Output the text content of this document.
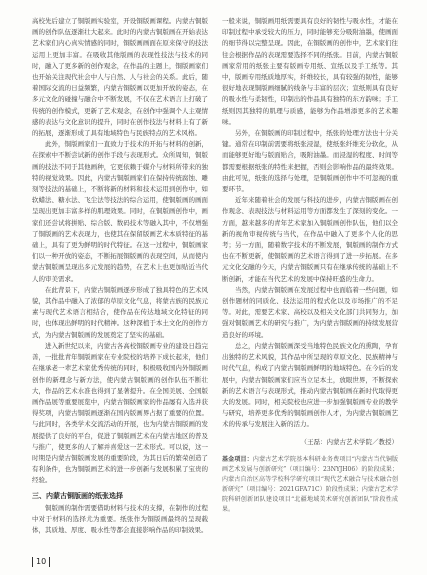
高校先后建立了铜版画实验室，开设铜版画课程。内蒙古铜版画的创作队伍逐渐壮大起来。此时的内蒙古铜版画在开始表达艺术家们内心真实情感的同时，铜版画画面在原来保守的技法运用上更加丰富。在吸收其他版画的表现性技法与技术的同时，融入了更多新的创作观念，在作品的主题上，铜版画家们也开始关注现代社会中人与自然、人与社会的关系。此后，随着国际交流的日益频繁，内蒙古铜版画以更加开放的姿态，在多元文化的碰撞与融合中不断发展，不仅在艺术语言上打破了传统的创作模式，更新了艺术观念，在创作中强调个人主观情感的表达与文化意识的提升，同时在创作技法与材料上有了新的拓展，逐渐形成了具有地域特色与民族特点的艺术风格。

此外，铜版画家们一直致力于技术的开拓与材料的创新，在探索中不断尝试新的创作手段与表现形式。众所周知，铜版画的技法不同于其他画种，它更依赖于媒介与材料所带来的独特的视觉效果。因此，内蒙古铜版画家们在保持传统腐蚀、雕刻等技法的基础上，不断将新的材料和技术运用到创作中，如软蜡法、糖水法、飞尘法等技法的综合运用，使铜版画的画面呈现出更加丰富多样的肌理效果。同时，在铜版画创作中，画家们还尝试将拼贴、综合版、数码技术等融入其中，不仅增强了铜版画的艺术表现力，也使其在保留版画艺术本质特征的基础上，具有了更为鲜明的时代特征。在这一过程中，铜版画家们以一种开放的姿态，不断拓展铜版画的表现空间，从而使内蒙古铜版画呈现出多元发展的趋势，在艺术上也更加贴近当代人的审美需求。

在此背景下，内蒙古铜版画逐步形成了独具特色的艺术风貌，其作品中融入了浓郁的草原文化气息，将蒙古族的民族元素与现代艺术语言相结合，使作品在传达地域文化特征的同时，也体现出鲜明的时代精神。这种深植于本土文化的创作方式，为内蒙古铜版画的发展奠定了坚实的基础。

进入新世纪以来，内蒙古各高校铜版画专业的建设日趋完善，一批批青年铜版画家在专业院校的培养下成长起来，他们在继承老一辈艺术家优秀传统的同时，积极吸收国内外铜版画创作的新理念与新方法，使内蒙古铜版画的创作队伍不断壮大，作品的艺术水准也得到了显著提升。在全国美展、全国版画作品展等重要展览中，内蒙古铜版画家的作品屡有入选并获得奖项，内蒙古铜版画逐渐在国内版画界占据了重要的位置。与此同时，各类学术交流活动的开展，也为内蒙古铜版画的发展提供了良好的平台，促进了铜版画艺术在内蒙古地区的普及与推广，使更多的人了解并喜爱这一艺术形式。可以说，这一时期是内蒙古铜版画发展的重要阶段，为其日后的繁荣创造了有利条件，也为铜版画艺术的进一步创新与发展积累了宝贵的经验。

三、内蒙古铜版画的纸张选择

铜版画的制作需要借助材料与技术的支撑，在制作的过程中对于材料的选择尤为重要。纸张作为铜版画最终的呈现载体，其质地、厚度、吸水性等都会直接影响作品的印制效果。

一般来说，铜版画用纸需要具有良好的韧性与吸水性，才能在印制过程中承受较大的压力，同时能够充分吸附油墨，使画面的细节得以完整呈现。因此，在铜版画的创作中，艺术家们往往会根据作品的表现需要选择不同的纸张。目前，内蒙古铜版画家常用的纸张主要有版画专用纸、宣纸以及手工纸等。其中，版画专用纸质地厚实，纤维较长，具有较强的韧性，能够很好地表现铜版画细腻的线条与丰富的层次；宣纸则具有良好的吸水性与柔韧性，印制出的作品具有独特的东方韵味；手工纸则因其独特的肌理与质感，能够为作品增添更多的艺术趣味。

另外，在铜版画的印制过程中，纸张的处理方法也十分关键。通常在印制前需要将纸张浸湿，使纸张纤维充分软化，从而能够更好地与版面贴合，吸附油墨。而浸湿的程度、时间等都需要根据纸张的特性来把握，否则会影响作品的最终效果。由此可见，纸张的选择与处理，是铜版画创作中不可忽视的重要环节。

近年来随着社会的发展与科技的进步，内蒙古铜版画在创作观念、表现技法与材料运用等方面都发生了深刻的变化。一方面，越来越多的青年艺术家加入铜版画创作队伍，他们以全新的视角审视传统与当代，在作品中融入了更多个人化的思考；另一方面，随着数字技术的不断发展，铜版画的制作方式也在不断更新，使铜版画的艺术语言得到了进一步拓展。在多元文化交融的今天，内蒙古铜版画只有在继承传统的基础上不断创新，才能在当代艺术的发展中保持旺盛的生命力。

当然，内蒙古铜版画在发展过程中也面临着一些问题，如创作题材的同质化、技法运用的程式化以及市场推广的不足等。对此，需要艺术家、高校以及相关文化部门共同努力，加强对铜版画艺术的研究与推广，为内蒙古铜版画的持续发展营造良好的环境。

总之，内蒙古铜版画深受当地特色民族文化的熏陶，孕育出独特的艺术风貌，其作品中所呈现的草原文化、民族精神与时代气息，构成了内蒙古铜版画鲜明的地域特色。在今后的发展中，内蒙古铜版画家们应当立足本土，放眼世界，不断探索新的艺术语言与表现形式，推动内蒙古铜版画在新时代取得更大的发展。同时，相关院校也应进一步加强铜版画专业的教学与研究，培养更多优秀的铜版画创作人才，为内蒙古铜版画艺术的传承与发展注入新的活力。

（王磊：内蒙古艺术学院／教授）
基金项目：内蒙古艺术学院基本科研业务费项目“内蒙古当代铜版画艺术发展与创新研究”（项目编号：23NYJH06）的阶段成果；内蒙古自治区高等学校科学研究项目“现代艺术融合与技术融合创新研究”（项目编号：2021GFA71C）阶段性成果；内蒙古艺术学院科研创新团队建设项目“北疆地域美术研究创新团队”阶段性成果。
10
